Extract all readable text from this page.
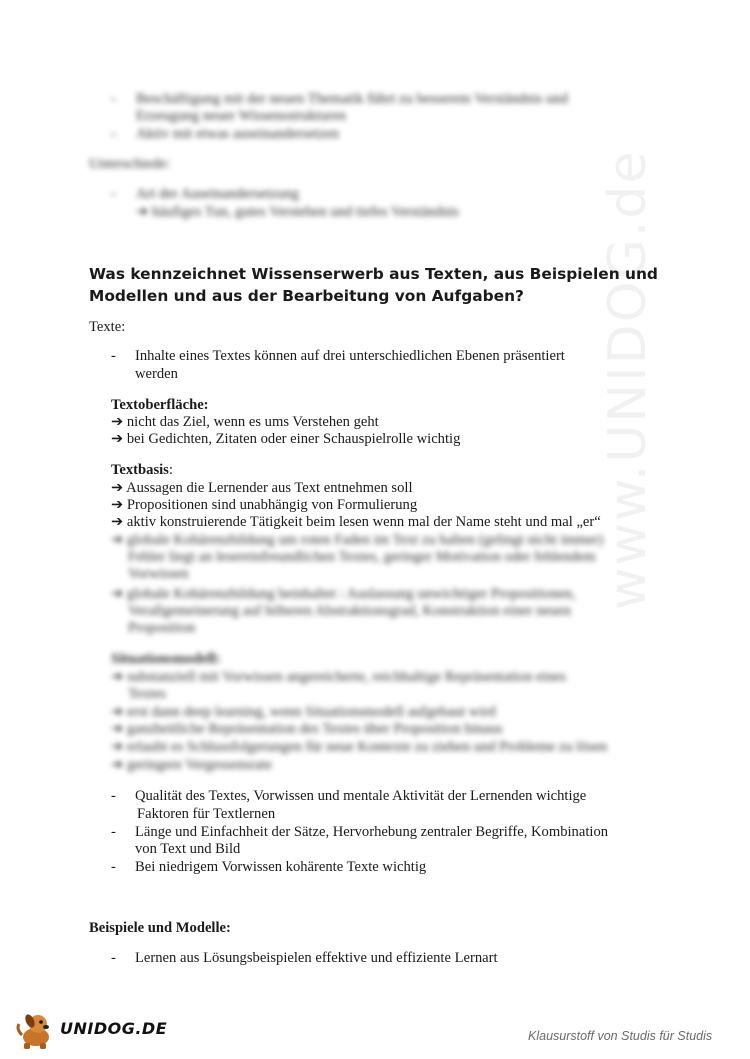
www.UNIDOG.de
- Beschäftigung mit der neuen Thematik führt zu besserem Verständnis und
Erzeugung neuer Wissensstrukturen
- Aktiv mit etwas auseinandersetzen
Unterschiede:
- Art der Auseinandersetzung
➔ häufiges Tun, gutes Verstehen und tiefes Verständnis
Was kennzeichnet Wissenserwerb aus Texten, aus Beispielen und
Modellen und aus der Bearbeitung von Aufgaben?
Texte:
- Inhalte eines Textes können auf drei unterschiedlichen Ebenen präsentiert
werden
Textoberfläche:
➔ nicht das Ziel, wenn es ums Verstehen geht
➔ bei Gedichten, Zitaten oder einer Schauspielrolle wichtig
Textbasis:
➔ Aussagen die Lernender aus Text entnehmen soll
➔ Propositionen sind unabhängig von Formulierung
➔ aktiv konstruierende Tätigkeit beim lesen wenn mal der Name steht und mal „er“
➔ globale Kohärenzbildung um roten Faden im Text zu halten (gelingt nicht immer)
Fehler liegt an lesereinfreundlichen Textes, geringer Motivation oder fehlendem
Vorwissen
➔ globale Kohärenzbildung beinhaltet : Auslassung unwichtiger Propositionen,
Verallgemeinerung auf höheren Abstraktionsgrad, Konstruktion einer neuen
Proposition
Situationsmodell:
➔ substanziell mit Vorwissen angereicherte, reichhaltige Repräsentation eines
Textes
➔ erst dann deep learning, wenn Situationsmodell aufgebaut wird
➔ ganzheitliche Repräsentation des Textes über Proposition hinaus
➔ erlaubt es Schlussfolgerungen für neue Kontexte zu ziehen und Probleme zu lösen
➔ geringere Vergessensrate
- Qualität des Textes, Vorwissen und mentale Aktivität der Lernenden wichtige
Faktoren für Textlernen
- Länge und Einfachheit der Sätze, Hervorhebung zentraler Begriffe, Kombination
von Text und Bild
- Bei niedrigem Vorwissen kohärente Texte wichtig
Beispiele und Modelle:
- Lernen aus Lösungsbeispielen effektive und effiziente Lernart
UNIDOG.DE	Klausurstoff von Studis für Studis
